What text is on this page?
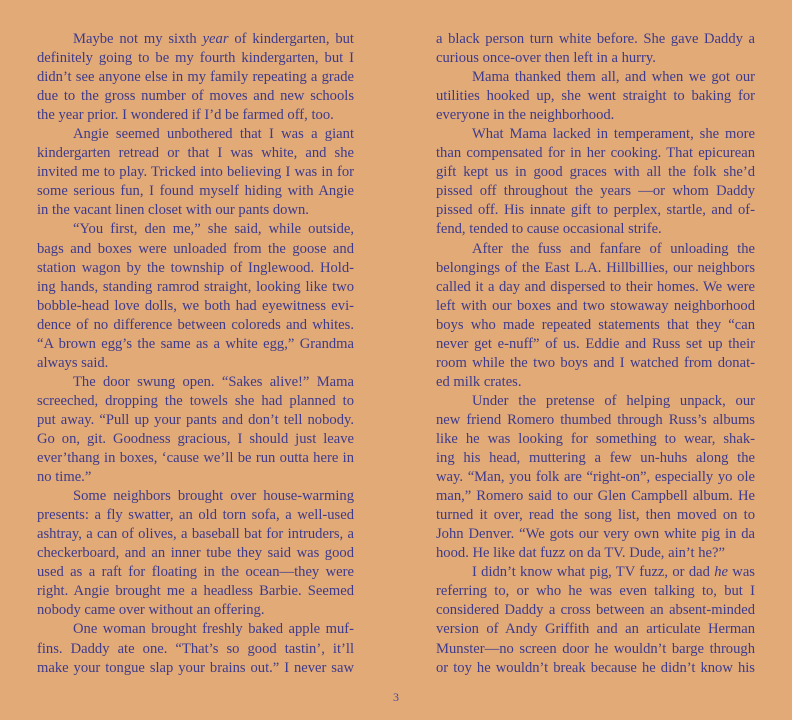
Maybe not my sixth year of kindergarten, but
definitely going to be my fourth kindergarten, but I
didn’t see anyone else in my family repeating a grade
due to the gross number of moves and new schools
the year prior. I wondered if I’d be farmed off, too.
Angie seemed unbothered that I was a giant
kindergarten retread or that I was white, and she
invited me to play. Tricked into believing I was in for
some serious fun, I found myself hiding with Angie
in the vacant linen closet with our pants down.
“You first, den me,” she said, while outside,
bags and boxes were unloaded from the goose and
station wagon by the township of Inglewood. Hold-
ing hands, standing ramrod straight, looking like two
bobble-head love dolls, we both had eyewitness evi-
dence of no difference between coloreds and whites.
“A brown egg’s the same as a white egg,” Grandma
always said.
The door swung open. “Sakes alive!” Mama
screeched, dropping the towels she had planned to
put away. “Pull up your pants and don’t tell nobody.
Go on, git. Goodness gracious, I should just leave
ever’thang in boxes, ‘cause we’ll be run outta here in
no time.”
Some neighbors brought over house-warming
presents: a fly swatter, an old torn sofa, a well-used
ashtray, a can of olives, a baseball bat for intruders, a
checkerboard, and an inner tube they said was good
used as a raft for floating in the ocean—they were
right. Angie brought me a headless Barbie. Seemed
nobody came over without an offering.
One woman brought freshly baked apple muf-
fins. Daddy ate one. “That’s so good tastin’, it’ll
make your tongue slap your brains out.” I never saw
a black person turn white before. She gave Daddy a
curious once-over then left in a hurry.
Mama thanked them all, and when we got our
utilities hooked up, she went straight to baking for
everyone in the neighborhood.
What Mama lacked in temperament, she more
than compensated for in her cooking. That epicurean
gift kept us in good graces with all the folk she’d
pissed off throughout the years —or whom Daddy
pissed off. His innate gift to perplex, startle, and of-
fend, tended to cause occasional strife.
After the fuss and fanfare of unloading the
belongings of the East L.A. Hillbillies, our neighbors
called it a day and dispersed to their homes. We were
left with our boxes and two stowaway neighborhood
boys who made repeated statements that they “can
never get e-nuff” of us. Eddie and Russ set up their
room while the two boys and I watched from donat-
ed milk crates.
Under the pretense of helping unpack, our
new friend Romero thumbed through Russ’s albums
like he was looking for something to wear, shak-
ing his head, muttering a few un-huhs along the
way. “Man, you folk are “right-on”, especially yo ole
man,” Romero said to our Glen Campbell album. He
turned it over, read the song list, then moved on to
John Denver. “We gots our very own white pig in da
hood. He like dat fuzz on da TV. Dude, ain’t he?”
I didn’t know what pig, TV fuzz, or dad he was
referring to, or who he was even talking to, but I
considered Daddy a cross between an absent-minded
version of Andy Griffith and an articulate Herman
Munster—no screen door he wouldn’t barge through
or toy he wouldn’t break because he didn’t know his
3
